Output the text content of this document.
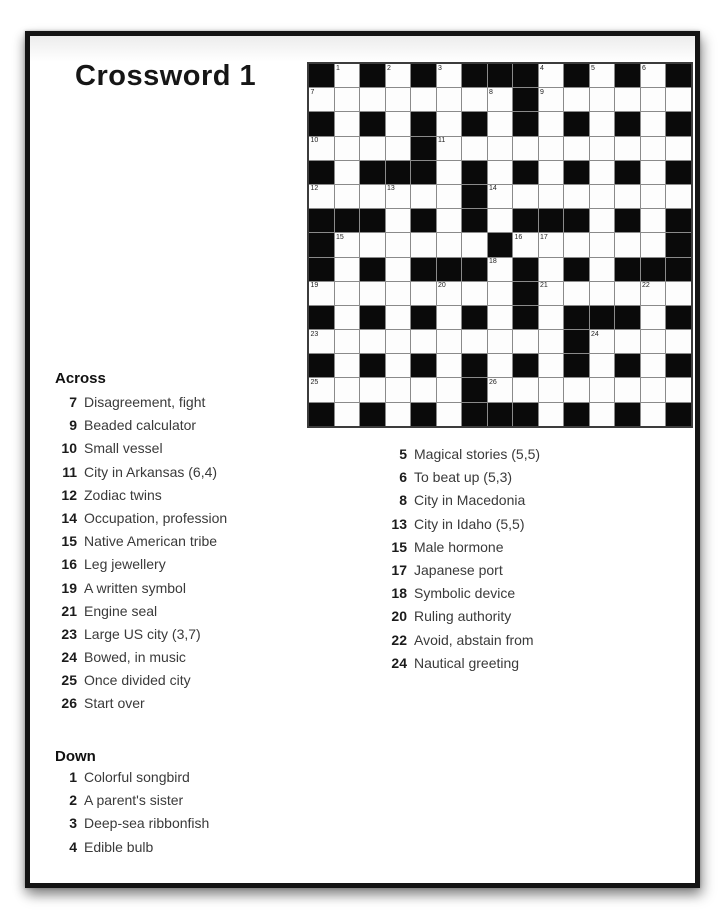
Crossword 1	1	2	3	4	5	6
7	8	9
10	11
12	13	14
15	16	17
18
19	20	21	22
23	24
25	26
Across
7 Disagreement, fight
9 Beaded calculator
10 Small vessel
11 City in Arkansas (6,4)
12 Zodiac twins
14 Occupation, profession
15 Native American tribe
16 Leg jewellery
19 A written symbol
21 Engine seal
23 Large US city (3,7)
24 Bowed, in music
25 Once divided city
26 Start over
Down
1 Colorful songbird
2 A parent's sister
3 Deep-sea ribbonfish
4 Edible bulb
5 Magical stories (5,5)
6 To beat up (5,3)
8 City in Macedonia
13 City in Idaho (5,5)
15 Male hormone
17 Japanese port
18 Symbolic device
20 Ruling authority
22 Avoid, abstain from
24 Nautical greeting
